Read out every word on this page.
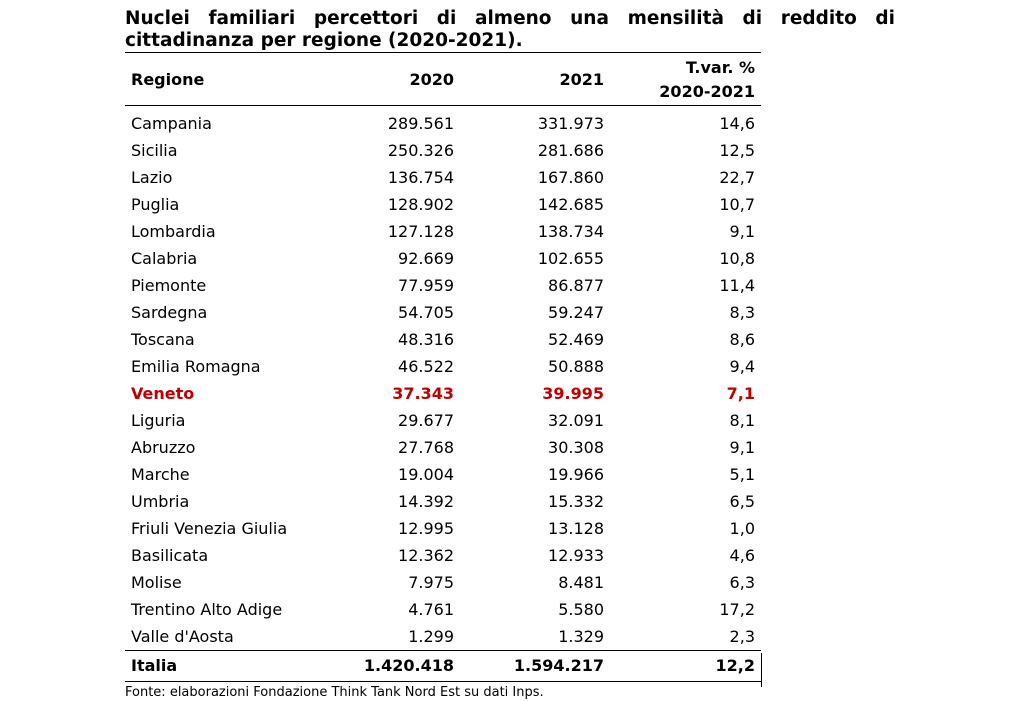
Nuclei familiari percettori di almeno una mensilità di reddito di cittadinanza per regione (2020-2021).
Regione	2020	2021	T.var. %
2020-2021
Campania	289.561	331.973	14,6
Sicilia	250.326	281.686	12,5
Lazio	136.754	167.860	22,7
Puglia	128.902	142.685	10,7
Lombardia	127.128	138.734	9,1
Calabria	92.669	102.655	10,8
Piemonte	77.959	86.877	11,4
Sardegna	54.705	59.247	8,3
Toscana	48.316	52.469	8,6
Emilia Romagna	46.522	50.888	9,4
Veneto	37.343	39.995	7,1
Liguria	29.677	32.091	8,1
Abruzzo	27.768	30.308	9,1
Marche	19.004	19.966	5,1
Umbria	14.392	15.332	6,5
Friuli Venezia Giulia	12.995	13.128	1,0
Basilicata	12.362	12.933	4,6
Molise	7.975	8.481	6,3
Trentino Alto Adige	4.761	5.580	17,2
Valle d'Aosta	1.299	1.329	2,3
Italia	1.420.418	1.594.217	12,2

Fonte: elaborazioni Fondazione Think Tank Nord Est su dati Inps.
